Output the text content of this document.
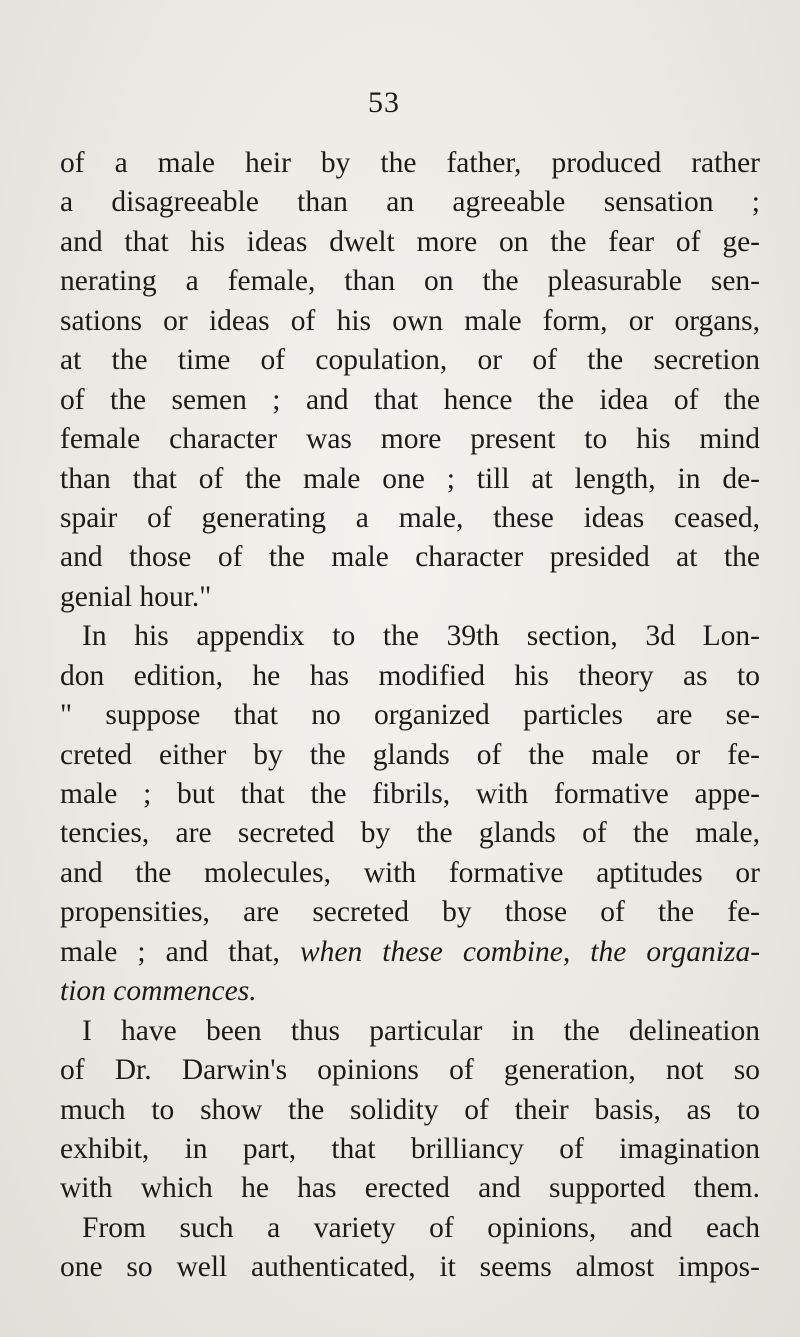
53
of a male heir by the father, produced rather
a disagreeable than an agreeable sensation ;
and that his ideas dwelt more on the fear of ge-
nerating a female, than on the pleasurable sen-
sations or ideas of his own male form, or organs,
at the time of copulation, or of the secretion
of the semen ; and that hence the idea of the
female character was more present to his mind
than that of the male one ; till at length, in de-
spair of generating a male, these ideas ceased,
and those of the male character presided at the
genial hour."
In his appendix to the 39th section, 3d Lon-
don edition, he has modified his theory as to
" suppose that no organized particles are se-
creted either by the glands of the male or fe-
male ; but that the fibrils, with formative appe-
tencies, are secreted by the glands of the male,
and the molecules, with formative aptitudes or
propensities, are secreted by those of the fe-
male ; and that, when these combine, the organiza-
tion commences.
I have been thus particular in the delineation
of Dr. Darwin's opinions of generation, not so
much to show the solidity of their basis, as to
exhibit, in part, that brilliancy of imagination
with which he has erected and supported them.
From such a variety of opinions, and each
one so well authenticated, it seems almost impos-
